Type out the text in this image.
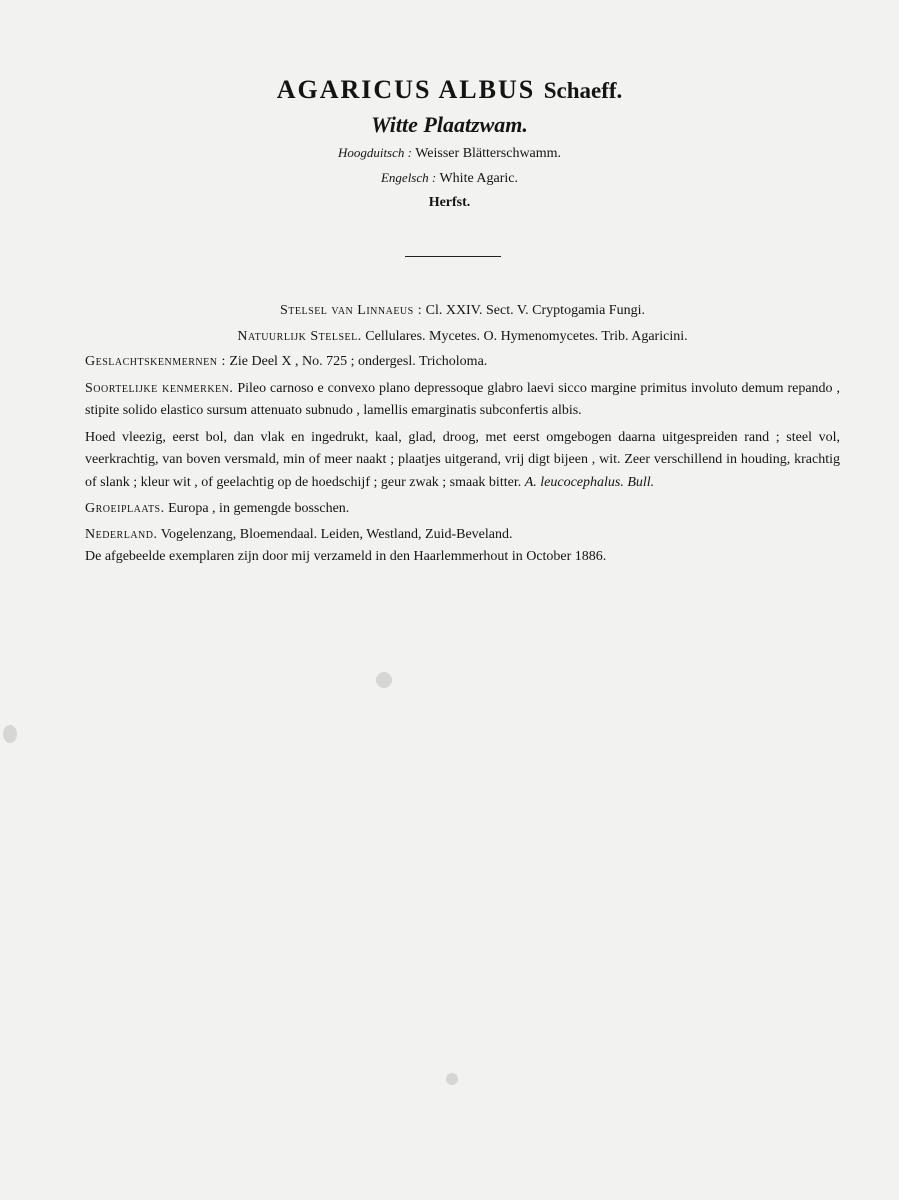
AGARICUS ALBUS Schaeff.
Witte Plaatzwam.
Hoogduitsch : Weisser Blätterschwamm.
Engelsch : White Agaric.
Herfst.

Stelsel van Linnaeus : Cl. XXIV. Sect. V. Cryptogamia Fungi.

Natuurlijk Stelsel. Cellulares. Mycetes. O. Hymenomycetes. Trib. Agaricini.

Geslachtskenmernen : Zie Deel X , No. 725 ; ondergesl. Tricholoma.

Soortelijke kenmerken. Pileo carnoso e convexo plano depressoque glabro laevi sicco margine primitus involuto demum repando , stipite solido elastico sursum attenuato subnudo , lamellis emarginatis subconfertis albis.

Hoed vleezig, eerst bol, dan vlak en ingedrukt, kaal, glad, droog, met eerst omgebogen daarna uitgespreiden rand ; steel vol, veerkrachtig, van boven versmald, min of meer naakt ; plaatjes uitgerand, vrij digt bijeen , wit. Zeer verschillend in houding, krachtig of slank ; kleur wit , of geelachtig op de hoedschijf ; geur zwak ; smaak bitter. A. leucocephalus. Bull.

Groeiplaats. Europa , in gemengde bosschen.

Nederland. Vogelenzang, Bloemendaal. Leiden, Westland, Zuid-Beveland.

De afgebeelde exemplaren zijn door mij verzameld in den Haarlemmerhout in October 1886.
